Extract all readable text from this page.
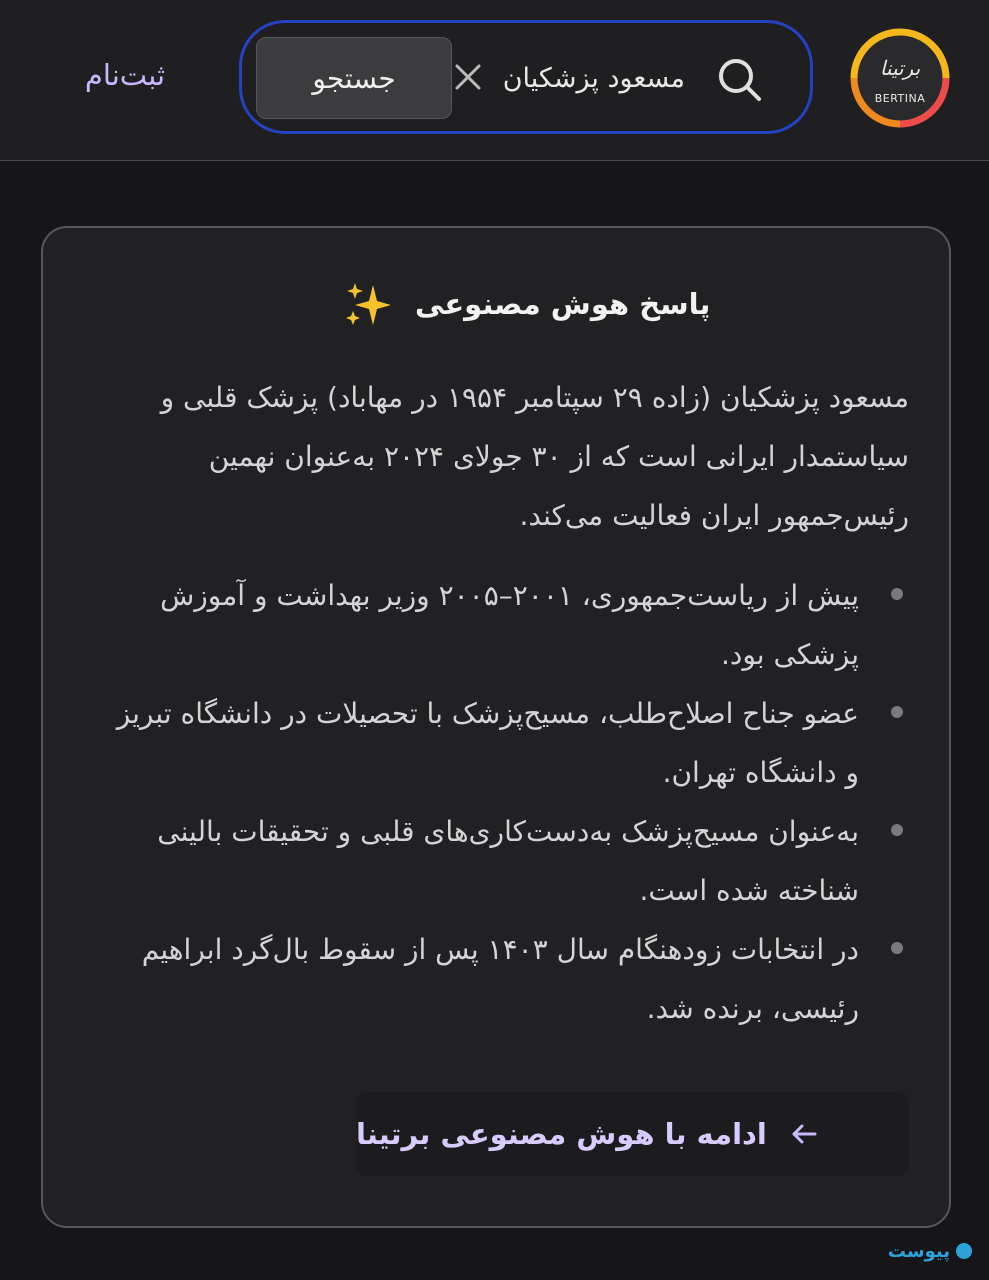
برتینا
BERTINA
مسعود پزشکیان
جستجو
ثبت‌نام
پاسخ هوش مصنوعی

مسعود پزشکیان (زاده ۲۹ سپتامبر ۱۹۵۴ در مهاباد) پزشک قلبی و سیاستمدار ایرانی است که از ۳۰ جولای ۲۰۲۴ به‌عنوان نهمین رئیس‌جمهور ایران فعالیت می‌کند.

پیش از ریاست‌جمهوری، ۲۰۰۱–۲۰۰۵ وزیر بهداشت و آموزش پزشکی بود.
عضو جناح اصلاح‌طلب، مسیح‌پزشک با تحصیلات در دانشگاه تبریز و دانشگاه تهران.
به‌عنوان مسیح‌پزشک به‌دست‌کاری‌های قلبی و تحقیقات بالینی شناخته شده است.
در انتخابات زودهنگام سال ۱۴۰۳ پس از سقوط بال‌گرد ابراهیم رئیسی، برنده شد.
ادامه با هوش مصنوعی برتینا
پیوست
